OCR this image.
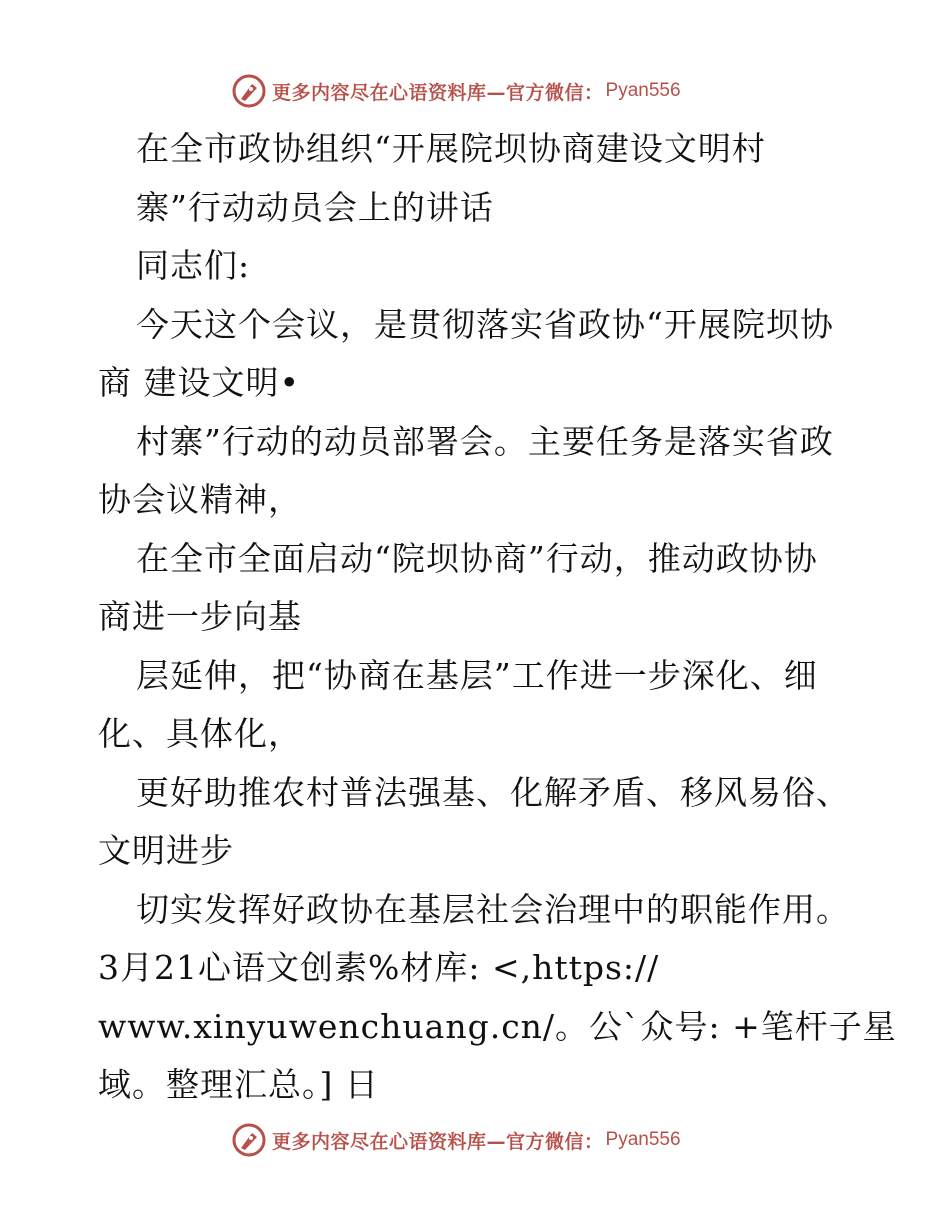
更多内容尽在心语资料库—官方微信： Pyan556
在全市政协组织“开展院坝协商建设文明村
寨”行动动员会上的讲话
同志们:
今天这个会议，是贯彻落实省政协“开展院坝协
商 建设文明•
村寨”行动的动员部署会。主要任务是落实省政
协会议精神，
在全市全面启动“院坝协商”行动，推动政协协
商进一步向基
层延伸，把“协商在基层”工作进一步深化、细
化、具体化，
更好助推农村普法强基、化解矛盾、移风易俗、
文明进步
切实发挥好政协在基层社会治理中的职能作用。
3月21心语文创素%材库: <,https://
www.xinyuwenchuang.cn/。公`众号: +笔杆子星
域。整理汇总。] 日
更多内容尽在心语资料库—官方微信： Pyan556
